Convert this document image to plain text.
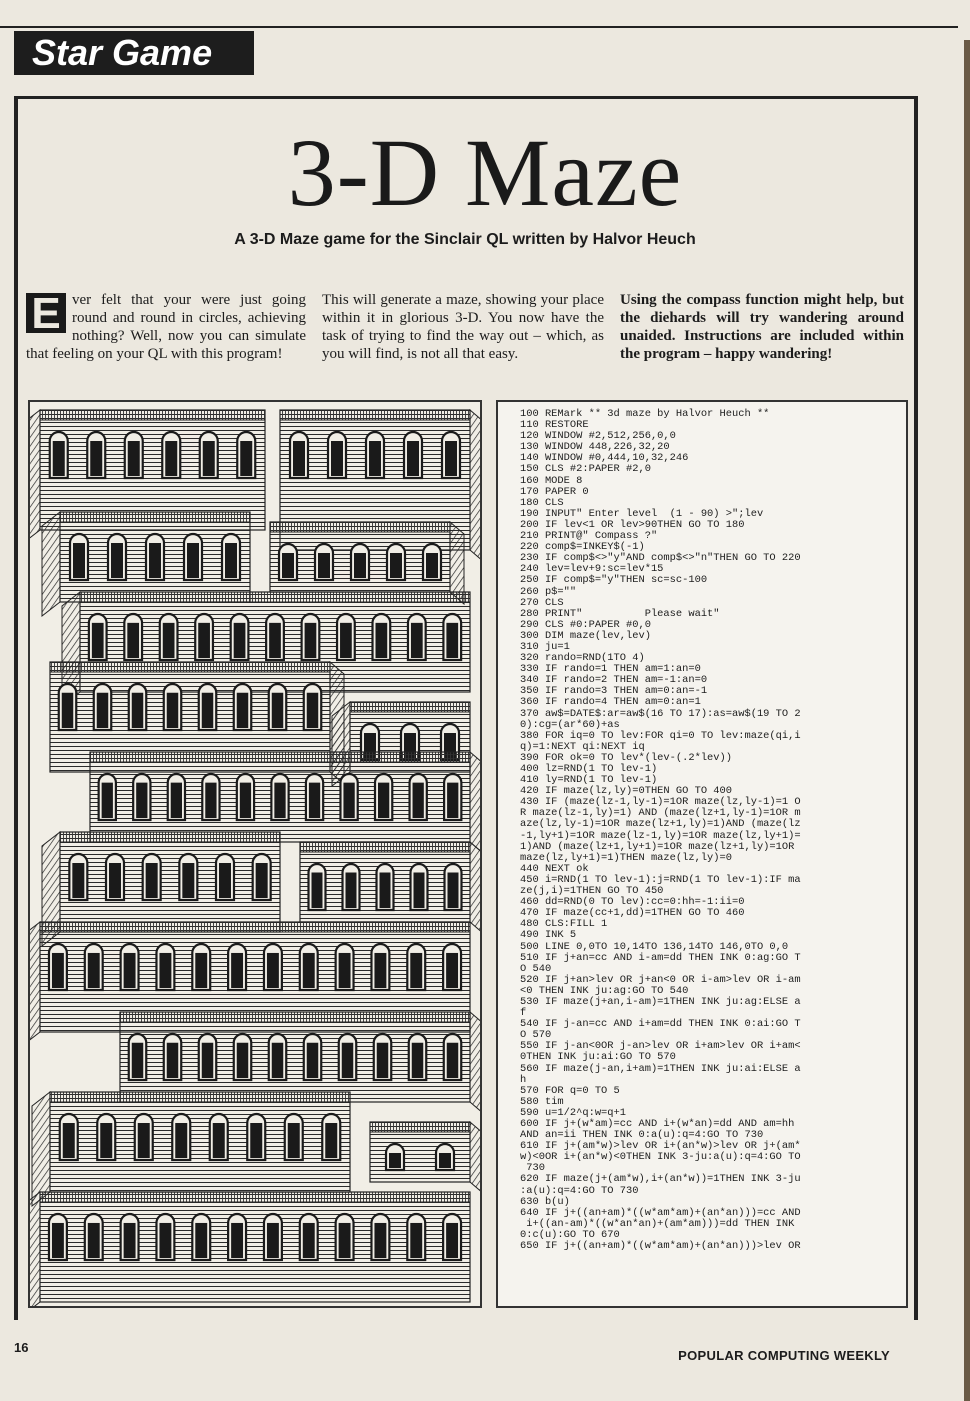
Star Game
3-D Maze
A 3-D Maze game for the Sinclair QL written by Halvor Heuch
E ver felt that your were just going round and round in circles, achieving nothing? Well, now you can simulate that feeling on your QL with this program!
This will generate a maze, showing your place within it in glorious 3-D. You now have the task of trying to find the way out – which, as you will find, is not all that easy.
Using the compass function might help, but the diehards will try wandering around unaided. Instructions are included within the program – happy wandering!
100 REMark ** 3d maze by Halvor Heuch **
110 RESTORE
120 WINDOW #2,512,256,0,0
130 WINDOW 448,226,32,20
140 WINDOW #0,444,10,32,246
150 CLS #2:PAPER #2,0
160 MODE 8
170 PAPER 0
180 CLS
190 INPUT" Enter level  (1 - 90) >";lev
200 IF lev<1 OR lev>90THEN GO TO 180
210 PRINT@" Compass ?"
220 comp$=INKEY$(-1)
230 IF comp$<>"y"AND comp$<>"n"THEN GO TO 220
240 lev=lev+9:sc=lev*15
250 IF comp$="y"THEN sc=sc-100
260 p$=""
270 CLS
280 PRINT"          Please wait"
290 CLS #0:PAPER #0,0
300 DIM maze(lev,lev)
310 ju=1
320 rando=RND(1TO 4)
330 IF rando=1 THEN am=1:an=0
340 IF rando=2 THEN am=-1:an=0
350 IF rando=3 THEN am=0:an=-1
360 IF rando=4 THEN am=0:an=1
370 aw$=DATE$:ar=aw$(16 TO 17):as=aw$(19 TO 2
0):cg=(ar*60)+as
380 FOR iq=0 TO lev:FOR qi=0 TO lev:maze(qi,i
q)=1:NEXT qi:NEXT iq
390 FOR ok=0 TO lev*(lev-(.2*lev))
400 lz=RND(1 TO lev-1)
410 ly=RND(1 TO lev-1)
420 IF maze(lz,ly)=0THEN GO TO 400
430 IF (maze(lz-1,ly-1)=1OR maze(lz,ly-1)=1 O
R maze(lz-1,ly)=1) AND (maze(lz+1,ly-1)=1OR m
aze(lz,ly-1)=1OR maze(lz+1,ly)=1)AND (maze(lz
-1,ly+1)=1OR maze(lz-1,ly)=1OR maze(lz,ly+1)=
1)AND (maze(lz+1,ly+1)=1OR maze(lz+1,ly)=1OR
maze(lz,ly+1)=1)THEN maze(lz,ly)=0
440 NEXT ok
450 i=RND(1 TO lev-1):j=RND(1 TO lev-1):IF ma
ze(j,i)=1THEN GO TO 450
460 dd=RND(0 TO lev):cc=0:hh=-1:ii=0
470 IF maze(cc+1,dd)=1THEN GO TO 460
480 CLS:FILL 1
490 INK 5
500 LINE 0,0TO 10,14TO 136,14TO 146,0TO 0,0
510 IF j+an=cc AND i-am=dd THEN INK 0:ag:GO T
O 540
520 IF j+an>lev OR j+an<0 OR i-am>lev OR i-am
<0 THEN INK ju:ag:GO TO 540
530 IF maze(j+an,i-am)=1THEN INK ju:ag:ELSE a
f
540 IF j-an=cc AND i+am=dd THEN INK 0:ai:GO T
O 570
550 IF j-an<0OR j-an>lev OR i+am>lev OR i+am<
0THEN INK ju:ai:GO TO 570
560 IF maze(j-an,i+am)=1THEN INK ju:ai:ELSE a
h
570 FOR q=0 TO 5
580 tim
590 u=1/2^q:w=q+1
600 IF j+(w*am)=cc AND i+(w*an)=dd AND am=hh
AND an=ii THEN INK 0:a(u):q=4:GO TO 730
610 IF j+(am*w)>lev OR i+(an*w)>lev OR j+(am*
w)<0OR i+(an*w)<0THEN INK 3-ju:a(u):q=4:GO TO
730
620 IF maze(j+(am*w),i+(an*w))=1THEN INK 3-ju
:a(u):q=4:GO TO 730
630 b(u)
640 IF j+((an+am)*((w*am*am)+(an*an)))=cc AND
i+((an-am)*((w*an*an)+(am*am)))=dd THEN INK
0:c(u):GO TO 670
650 IF j+((an+am)*((w*am*am)+(an*an)))>lev OR
16
POPULAR COMPUTING WEEKLY
